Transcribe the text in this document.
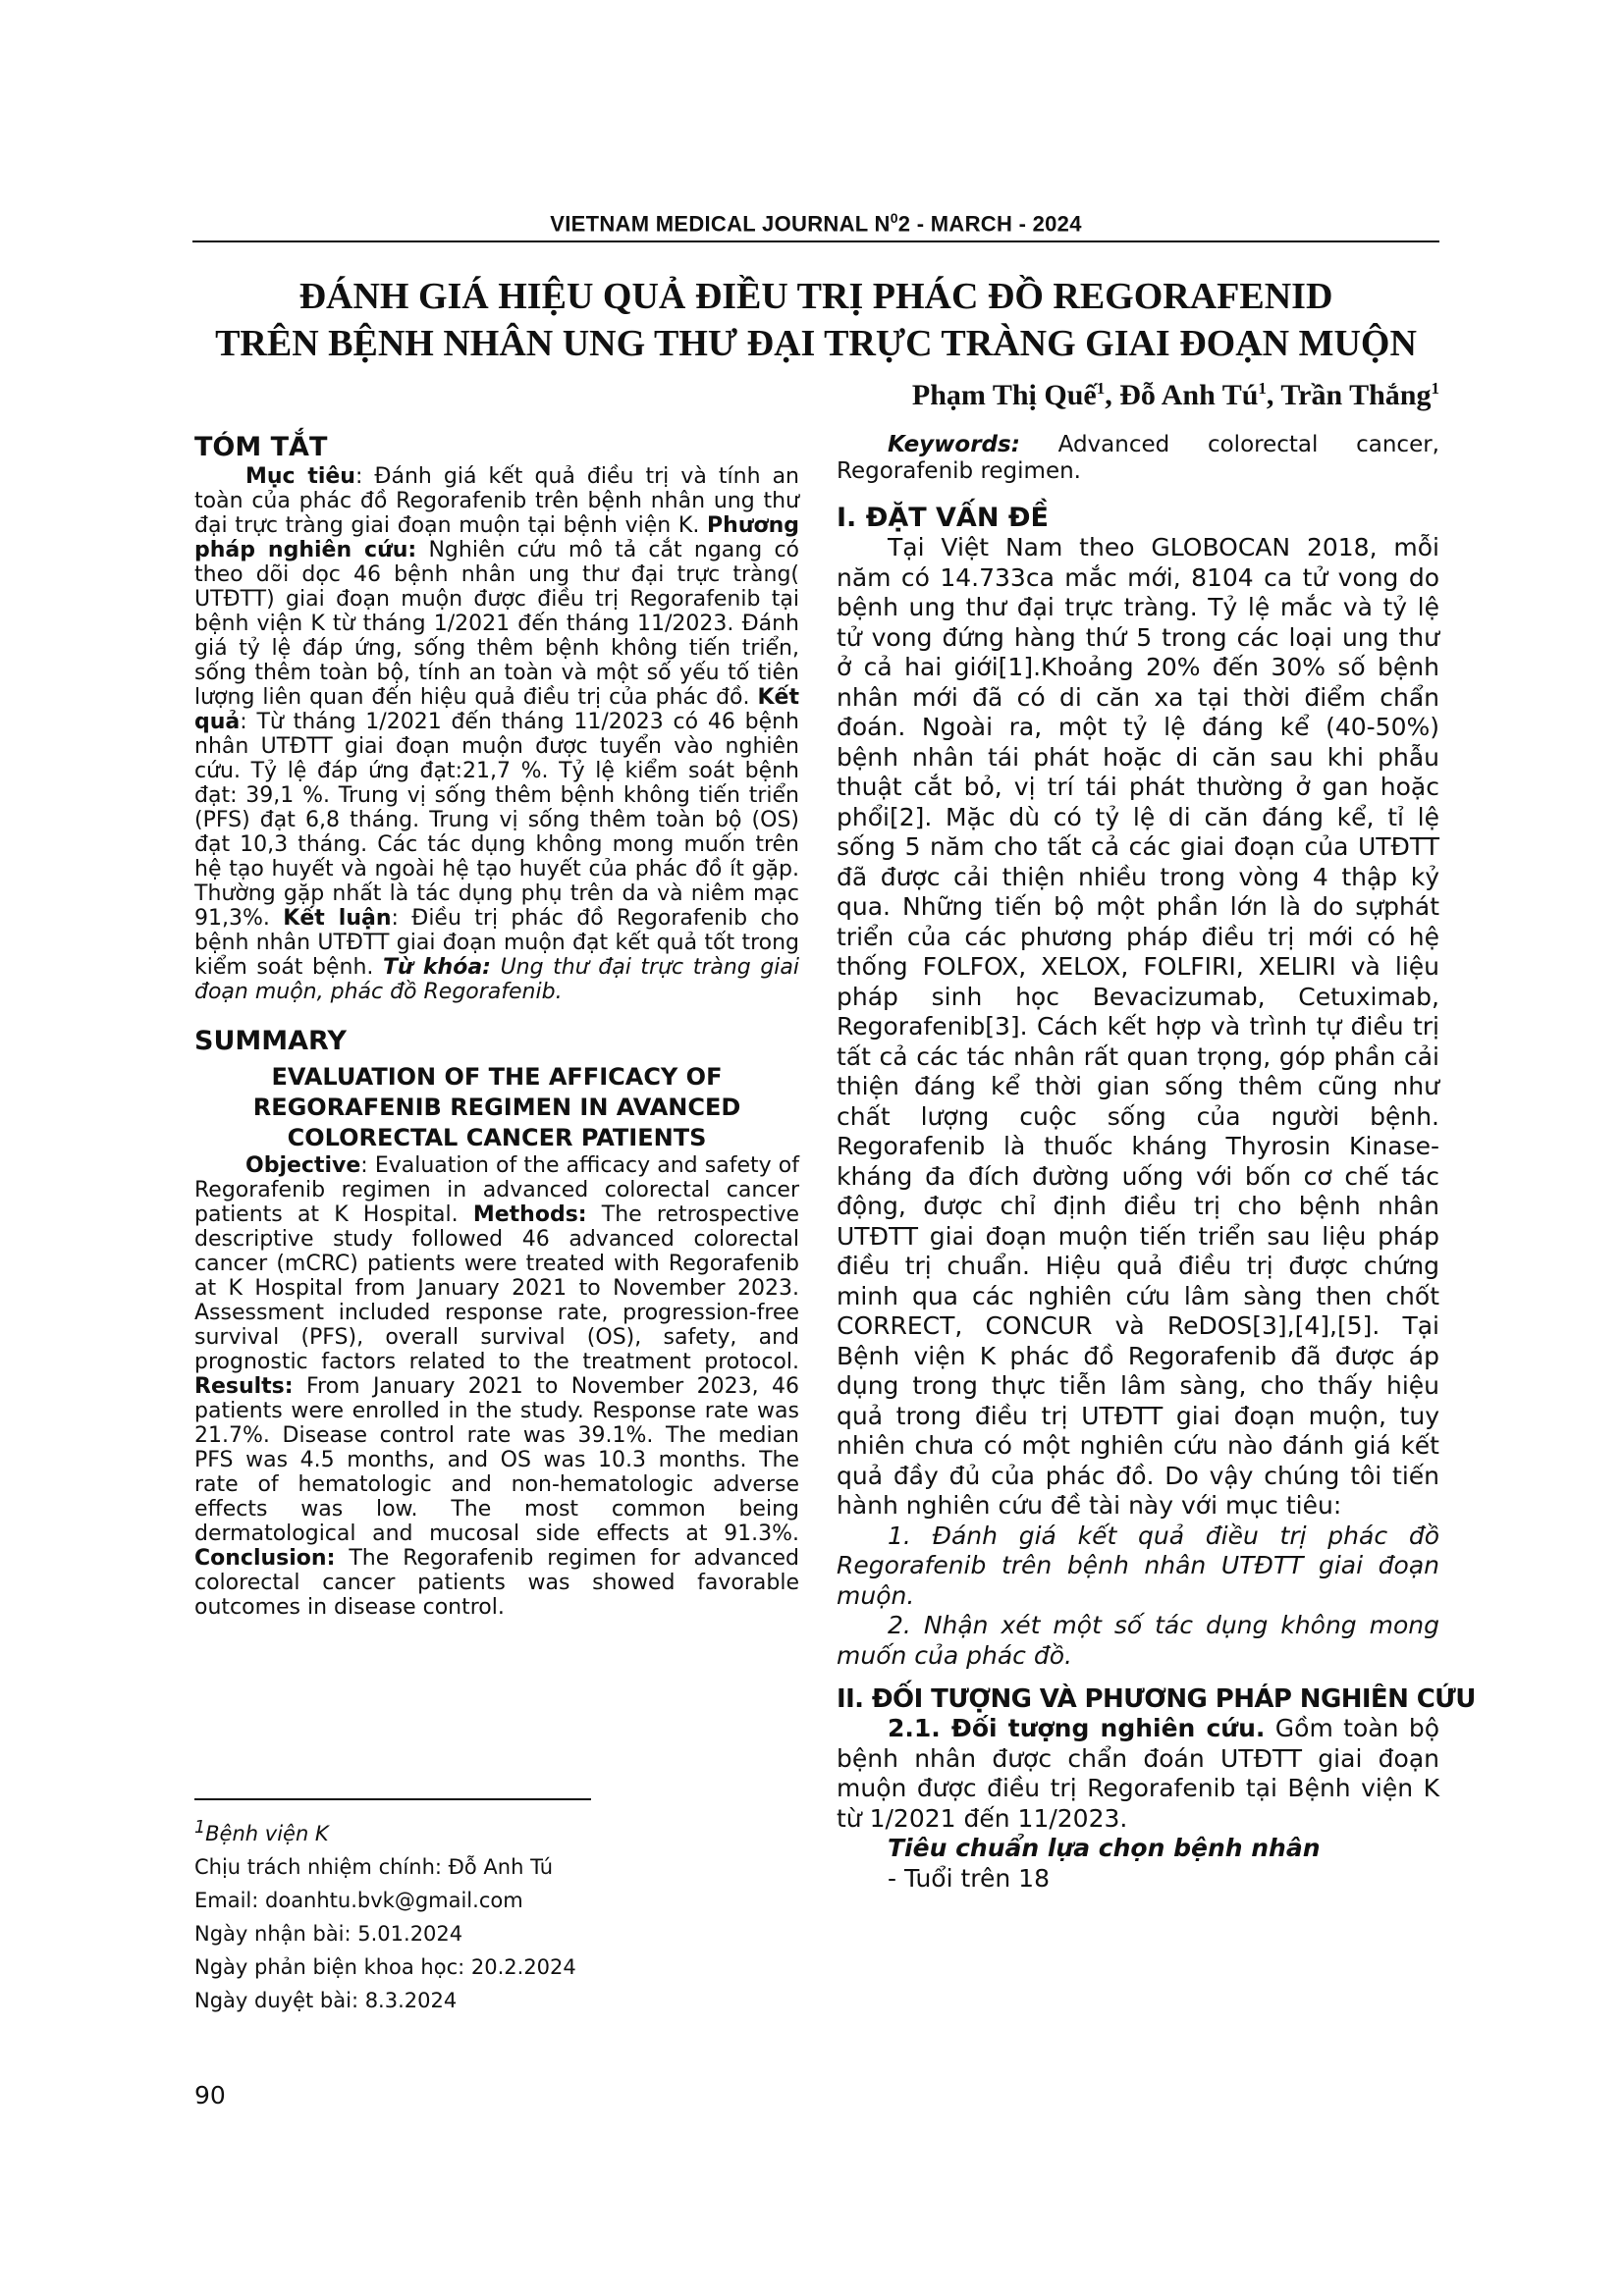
VIETNAM MEDICAL JOURNAL $N^02$ - MARCH - 2024
ĐÁNH GIÁ HIỆU QUẢ ĐIỀU TRỊ PHÁC ĐỒ REGORAFENID
TRÊN BỆNH NHÂN UNG THƯ ĐẠI TRỰC TRÀNG GIAI ĐOẠN MUỘN
Phạm Thị Quế$^1$, Đỗ Anh $Tú^1$, Trần Thắng$^1$
TÓM TẮT

Mục tiêu: Đánh giá kết quả điều trị và tính an toàn của phác đồ Regorafenib trên bệnh nhân ung thư đại trực tràng giai đoạn muộn tại bệnh viện K. Phương pháp nghiên cứu: Nghiên cứu mô tả cắt ngang có theo dõi dọc 46 bệnh nhân ung thư đại trực tràng( UTĐTT) giai đoạn muộn được điều trị Regorafenib tại bệnh viện K từ tháng 1/2021 đến tháng 11/2023. Đánh giá tỷ lệ đáp ứng, sống thêm bệnh không tiến triển, sống thêm toàn bộ, tính an toàn và một số yếu tố tiên lượng liên quan đến hiệu quả điều trị của phác đồ. Kết quả: Từ tháng 1/2021 đến tháng 11/2023 có 46 bệnh nhân UTĐTT giai đoạn muộn được tuyển vào nghiên cứu. Tỷ lệ đáp ứng đạt:21,7 %. Tỷ lệ kiểm soát bệnh đạt: 39,1 %. Trung vị sống thêm bệnh không tiến triển (PFS) đạt 6,8 tháng. Trung vị sống thêm toàn bộ (OS) đạt 10,3 tháng. Các tác dụng không mong muốn trên hệ tạo huyết và ngoài hệ tạo huyết của phác đồ ít gặp. Thường gặp nhất là tác dụng phụ trên da và niêm mạc 91,3%. Kết luận: Điều trị phác đồ Regorafenib cho bệnh nhân UTĐTT giai đoạn muộn đạt kết quả tốt trong kiểm soát bệnh. Từ khóa: Ung thư đại trực tràng giai đoạn muộn, phác đồ Regorafenib.

SUMMARY

EVALUATION OF THE AFFICACY OF

REGORAFENIB REGIMEN IN AVANCED

COLORECTAL CANCER PATIENTS

Objective: Evaluation of the afficacy and safety of Regorafenib regimen in advanced colorectal cancer patients at K Hospital. Methods: The retrospective descriptive study followed 46 advanced colorectal cancer (mCRC) patients were treated with Regorafenib at K Hospital from January 2021 to November 2023. Assessment included response rate, progression-free survival (PFS), overall survival (OS), safety, and prognostic factors related to the treatment protocol. Results: From January 2021 to November 2023, 46 patients were enrolled in the study. Response rate was 21.7%. Disease control rate was 39.1%. The median PFS was 4.5 months, and OS was 10.3 months. The rate of hematologic and non-hematologic adverse effects was low. The most common being dermatological and mucosal side effects at 91.3%. Conclusion: The Regorafenib regimen for advanced colorectal cancer patients was showed favorable outcomes in disease control.

$^1$Bệnh viện K
Chịu trách nhiệm chính: Đỗ Anh Tú
Email: doanhtu.bvk@gmail.com
Ngày nhận bài: 5.01.2024
Ngày phản biện khoa học: 20.2.2024
Ngày duyệt bài: 8.3.2024

Keywords: Advanced colorectal cancer, Regorafenib regimen.

I. ĐẶT VẤN ĐỀ

Tại Việt Nam theo GLOBOCAN 2018, mỗi năm có 14.733ca mắc mới, 8104 ca tử vong do bệnh ung thư đại trực tràng. Tỷ lệ mắc và tỷ lệ tử vong đứng hàng thứ 5 trong các loại ung thư ở cả hai giới[1].Khoảng 20% đến 30% số bệnh nhân mới đã có di căn xa tại thời điểm chẩn đoán. Ngoài ra, một tỷ lệ đáng kể (40-50%) bệnh nhân tái phát hoặc di căn sau khi phẫu thuật cắt bỏ, vị trí tái phát thường ở gan hoặc phổi[2]. Mặc dù có tỷ lệ di căn đáng kể, tỉ lệ sống 5 năm cho tất cả các giai đoạn của UTĐTT đã được cải thiện nhiều trong vòng 4 thập kỷ qua. Những tiến bộ một phần lớn là do sựphát triển của các phương pháp điều trị mới có hệ thống FOLFOX, XELOX, FOLFIRI, XELIRI và liệu pháp sinh học Bevacizumab, Cetuximab, Regorafenib[3]. Cách kết hợp và trình tự điều trị tất cả các tác nhân rất quan trọng, góp phần cải thiện đáng kể thời gian sống thêm cũng như chất lượng cuộc sống của người bệnh. Regorafenib là thuốc kháng Thyrosin Kinase- kháng đa đích đường uống với bốn cơ chế tác động, được chỉ định điều trị cho bệnh nhân UTĐTT giai đoạn muộn tiến triển sau liệu pháp điều trị chuẩn. Hiệu quả điều trị được chứng minh qua các nghiên cứu lâm sàng then chốt CORRECT, CONCUR và ReDOS[3],[4],[5]. Tại Bệnh viện K phác đồ Regorafenib đã được áp dụng trong thực tiễn lâm sàng, cho thấy hiệu quả trong điều trị UTĐTT giai đoạn muộn, tuy nhiên chưa có một nghiên cứu nào đánh giá kết quả đầy đủ của phác đồ. Do vậy chúng tôi tiến hành nghiên cứu đề tài này với mục tiêu:

1. Đánh giá kết quả điều trị phác đồ Regorafenib trên bệnh nhân UTĐTT giai đoạn muộn.

2. Nhận xét một số tác dụng không mong muốn của phác đồ.

II. ĐỐI TƯỢNG VÀ PHƯƠNG PHÁP NGHIÊN CỨU

2.1. Đối tượng nghiên cứu. Gồm toàn bộ bệnh nhân được chẩn đoán UTĐTT giai đoạn muộn được điều trị Regorafenib tại Bệnh viện K từ 1/2021 đến 11/2023.

Tiêu chuẩn lựa chọn bệnh nhân

- Tuổi trên 18

90
